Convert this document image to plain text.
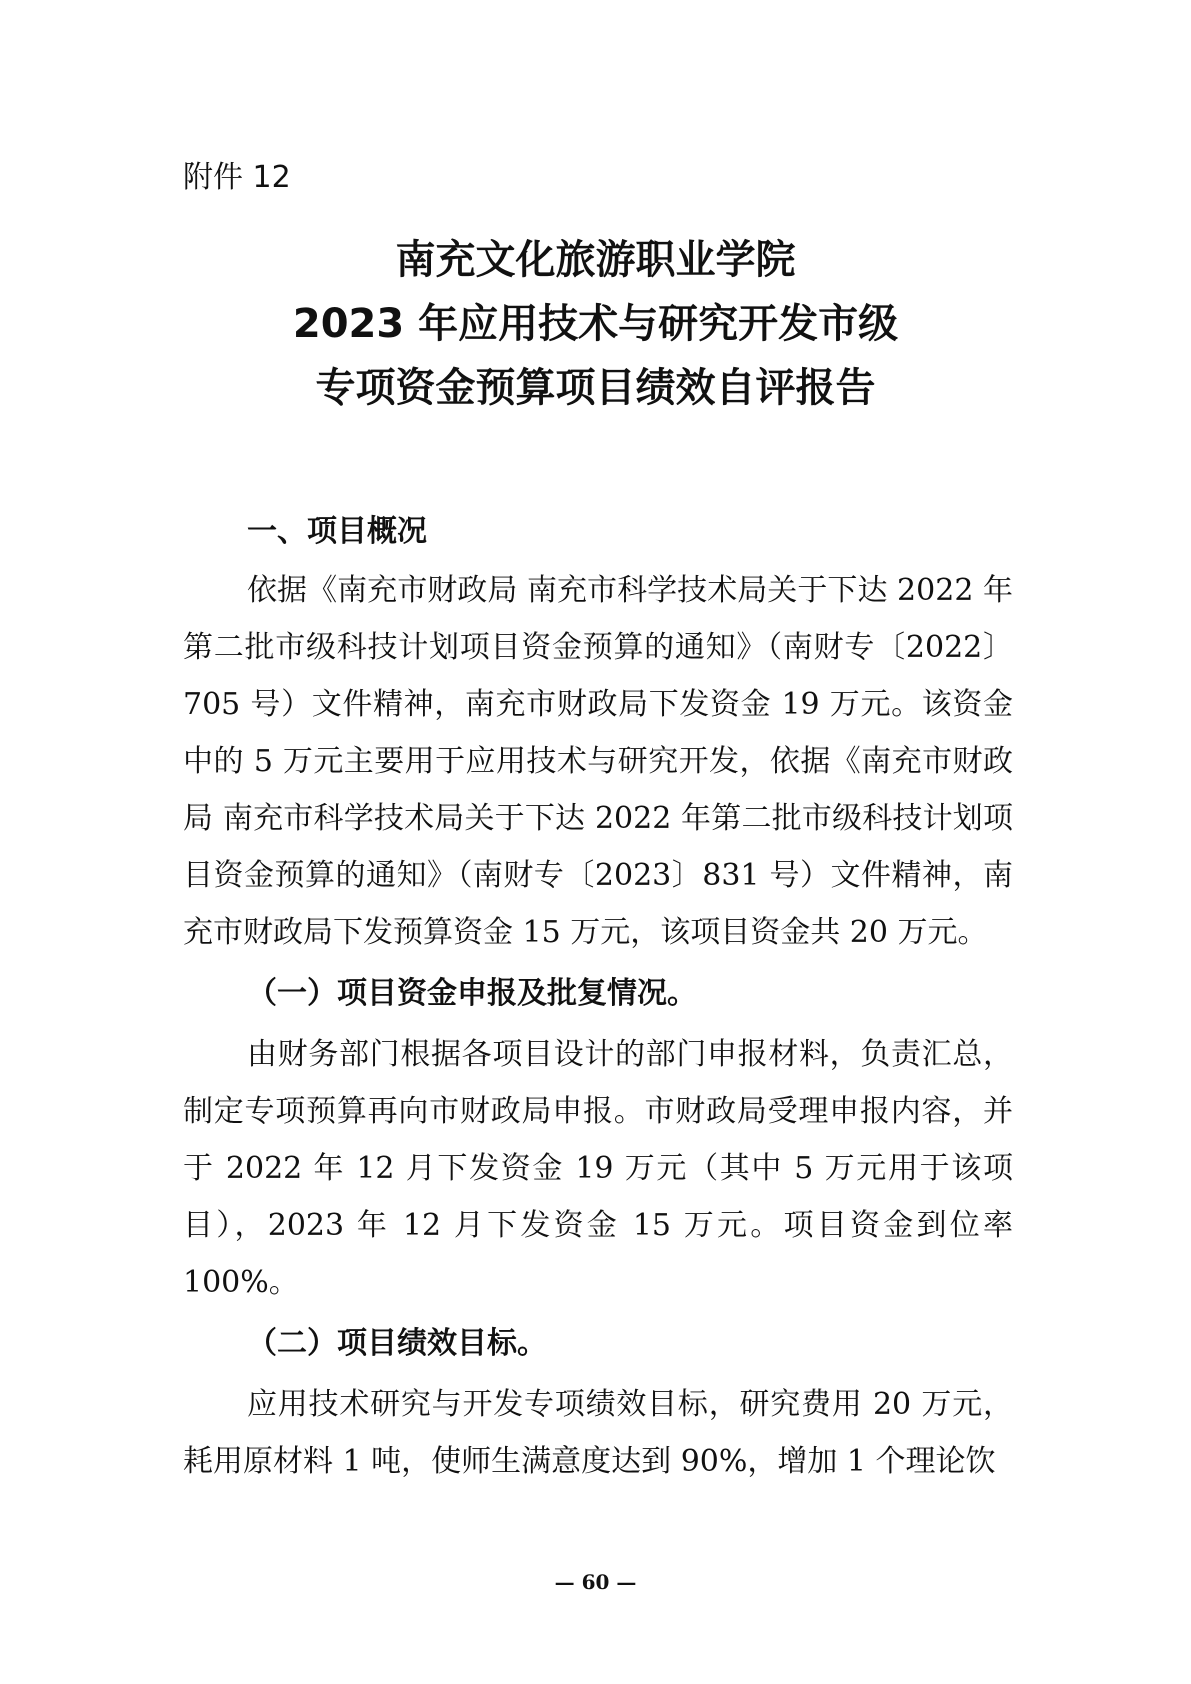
附件 12
南充文化旅游职业学院
2023 年应用技术与研究开发市级
专项资金预算项目绩效自评报告

一、项目概况

依据《南充市财政局 南充市科学技术局关于下达 2022 年第二批市级科技计划项目资金预算的通知》（南财专〔2022〕705 号）文件精神，南充市财政局下发资金 19 万元。该资金中的 5 万元主要用于应用技术与研究开发，依据《南充市财政局 南充市科学技术局关于下达 2022 年第二批市级科技计划项目资金预算的通知》（南财专〔2023〕831 号）文件精神，南充市财政局下发预算资金 15 万元，该项目资金共 20 万元。

（一）项目资金申报及批复情况。

由财务部门根据各项目设计的部门申报材料，负责汇总，制定专项预算再向市财政局申报。市财政局受理申报内容，并于 2022 年 12 月下发资金 19 万元（其中 5 万元用于该项目），2023 年 12 月下发资金 15 万元。项目资金到位率 100%。

（二）项目绩效目标。

应用技术研究与开发专项绩效目标，研究费用 20 万元，耗用原材料 1 吨，使师生满意度达到 90%，增加 1 个理论饮

— 60 —
